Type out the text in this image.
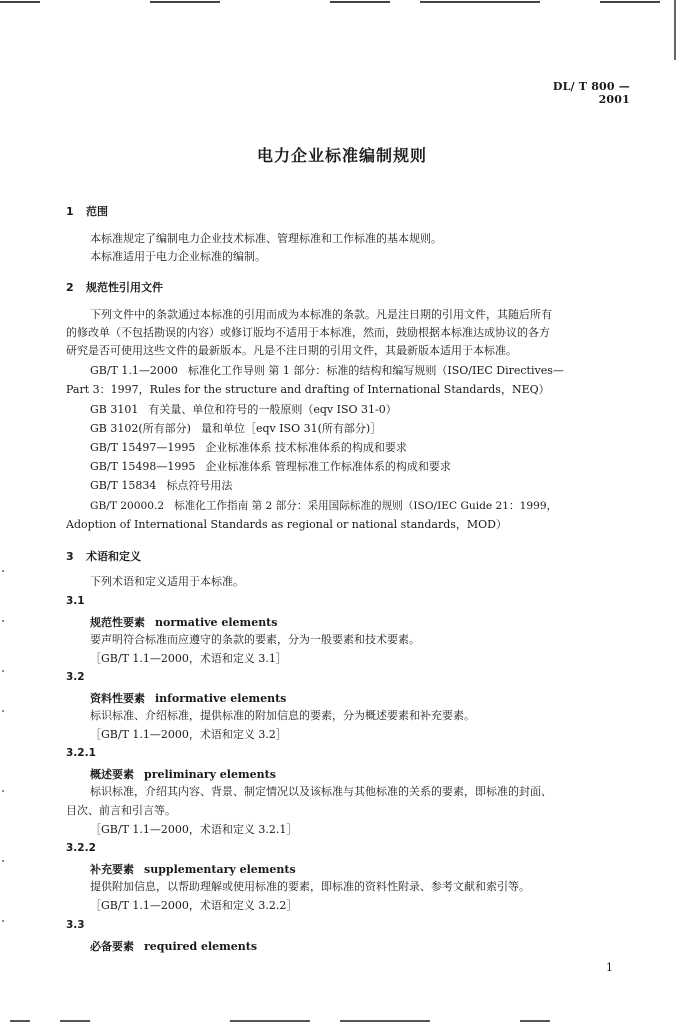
DL/ T 800 — 2001
电力企业标准编制规则
1 范围
本标准规定了编制电力企业技术标准、管理标准和工作标准的基本规则。
本标准适用于电力企业标准的编制。
2 规范性引用文件
下列文件中的条款通过本标准的引用而成为本标准的条款。凡是注日期的引用文件，其随后所有
的修改单（不包括勘误的内容）或修订版均不适用于本标准，然而，鼓励根据本标准达成协议的各方
研究是否可使用这些文件的最新版本。凡是不注日期的引用文件，其最新版本适用于本标准。
GB/T 1.1—2000 标准化工作导则 第 1 部分：标准的结构和编写规则（ISO/IEC Directives—
Part 3：1997，Rules for the structure and drafting of International Standards，NEQ）
GB 3101 有关量、单位和符号的一般原则（eqv ISO 31-0）
GB 3102(所有部分) 量和单位［eqv ISO 31(所有部分)］
GB/T 15497—1995 企业标准体系 技术标准体系的构成和要求
GB/T 15498—1995 企业标准体系 管理标准工作标准体系的构成和要求
GB/T 15834 标点符号用法
GB/T 20000.2 标准化工作指南 第 2 部分：采用国际标准的规则（ISO/IEC Guide 21：1999，
Adoption of International Standards as regional or national standards，MOD）
3 术语和定义
下列术语和定义适用于本标准。
3.1
规范性要素 normative elements
要声明符合标准而应遵守的条款的要素，分为一般要素和技术要素。
［GB/T 1.1—2000，术语和定义 3.1］
3.2
资料性要素 informative elements
标识标准、介绍标准，提供标准的附加信息的要素，分为概述要素和补充要素。
［GB/T 1.1—2000，术语和定义 3.2］
3.2.1
概述要素 preliminary elements
标识标准，介绍其内容、背景、制定情况以及该标准与其他标准的关系的要素，即标准的封面、
目次、前言和引言等。
［GB/T 1.1—2000，术语和定义 3.2.1］
3.2.2
补充要素 supplementary elements
提供附加信息，以帮助理解或使用标准的要素，即标准的资料性附录、参考文献和索引等。
［GB/T 1.1—2000，术语和定义 3.2.2］
3.3
必备要素 required elements
1
